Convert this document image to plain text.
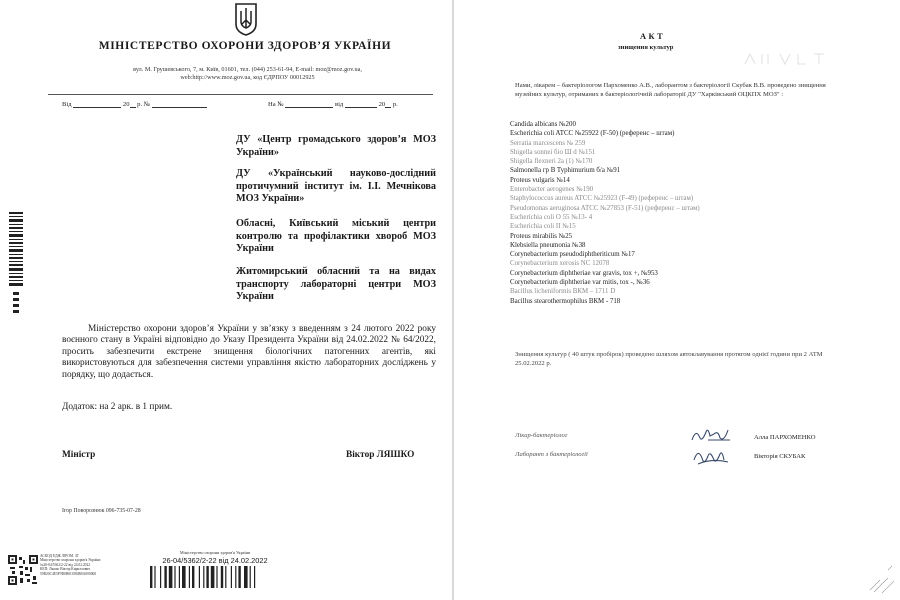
МІНІСТЕРСТВО ОХОРОНИ ЗДОРОВ’Я УКРАЇНИ
вул. М. Грушевського, 7, м. Київ, 01601, тел. (044) 253-61-94, E-mail: moz@moz.gov.ua,
web:http://www.moz.gov.ua, код ЄДРПОУ 00012925
Від	20 р. №	На №	від	20 р.
ДУ «Центр громадського здоров’я МОЗ України»
ДУ «Український науково-дослідний протичумний інститут ім. І.І. Мечнікова МОЗ України»
Обласні, Київський міський центри контролю та профілактики хвороб МОЗ України
Житомирський обласний та на видах транспорту лабораторні центри МОЗ України
Міністерство охорони здоров’я України у зв’язку з введенням з 24 лютого 2022 року воєнного стану в Україні відповідно до Указу Президента України від 24.02.2022 № 64/2022, просить забезпечити екстрене знищення біологічних патогенних агентів, які використовуються для забезпечення системи управління якістю лабораторних досліджень у порядку, що додається.
Додаток: на 2 арк. в 1 прим.
Міністр	Віктор ЛЯШКО
Ігор Поворознюк 096-735-07-28
АСКОД ЕДЖ ЛІРОМ. ЗГ
Міністерство охорони здоров'я України
№26-04/5362/2-22 від 24.02.2022
КЕП: Ляшко Віктор Кириллович
59B20C4E5F9D0B0C0B0B0A000000
Міністерство охорони здоров'я України
26-04/5362/2-22 від 24.02.2022
АКТ
знищення культур
Нами, лікарем – бактеріологом Пархоменко А.В., лаборантом з бактеріології Скубак В.В. проведено знищення музейних культур, отриманих в бактеріологічній лабораторії ДУ "Харківський ОЦКПХ МОЗ" :
Candida albicans №200
Escherichia coli ATCC №25922 (F-50) (референс – штам)
Serratia marcescens № 259
Shigella sonnei біо Ш d №151
Shigella flexneri 2a (1) №170
Salmonella гр B Typhimurium б/а №91
Proteus vulgaris №14
Enterobacter aerogenes №190
Staphylococcus aureus ATCC №25923 (F-49) (референс – штам)
Pseudomonas aeruginosa ATCC №27853 (F-51) (референс – штам)
Escherichia coli O 55 №13- 4
Escherichia coli II №15
Proteus mirabilis №25
Klebsiella pneumonia №38
Corynebacterium pseudodiphtheriticum №17
Corynebacterium xerosis NC 12078
Corynebacterium diphtheriae var gravis, tox +, №953
Corynebacterium diphtheriae var mitis, tox -, №36
Bacillus licheniformis ВКМ – 1711 D
Bacillus stearothermophilus ВКМ - 718
Знищення культур ( 40 штук пробірок) проведено шляхом автоклавування протягом однієї години при 2 АТМ 25.02.2022 р.
Лікар-бактеріолог
Лаборант з бактеріології
Алла ПАРХОМЕНКО
Вікторія СКУБАК
